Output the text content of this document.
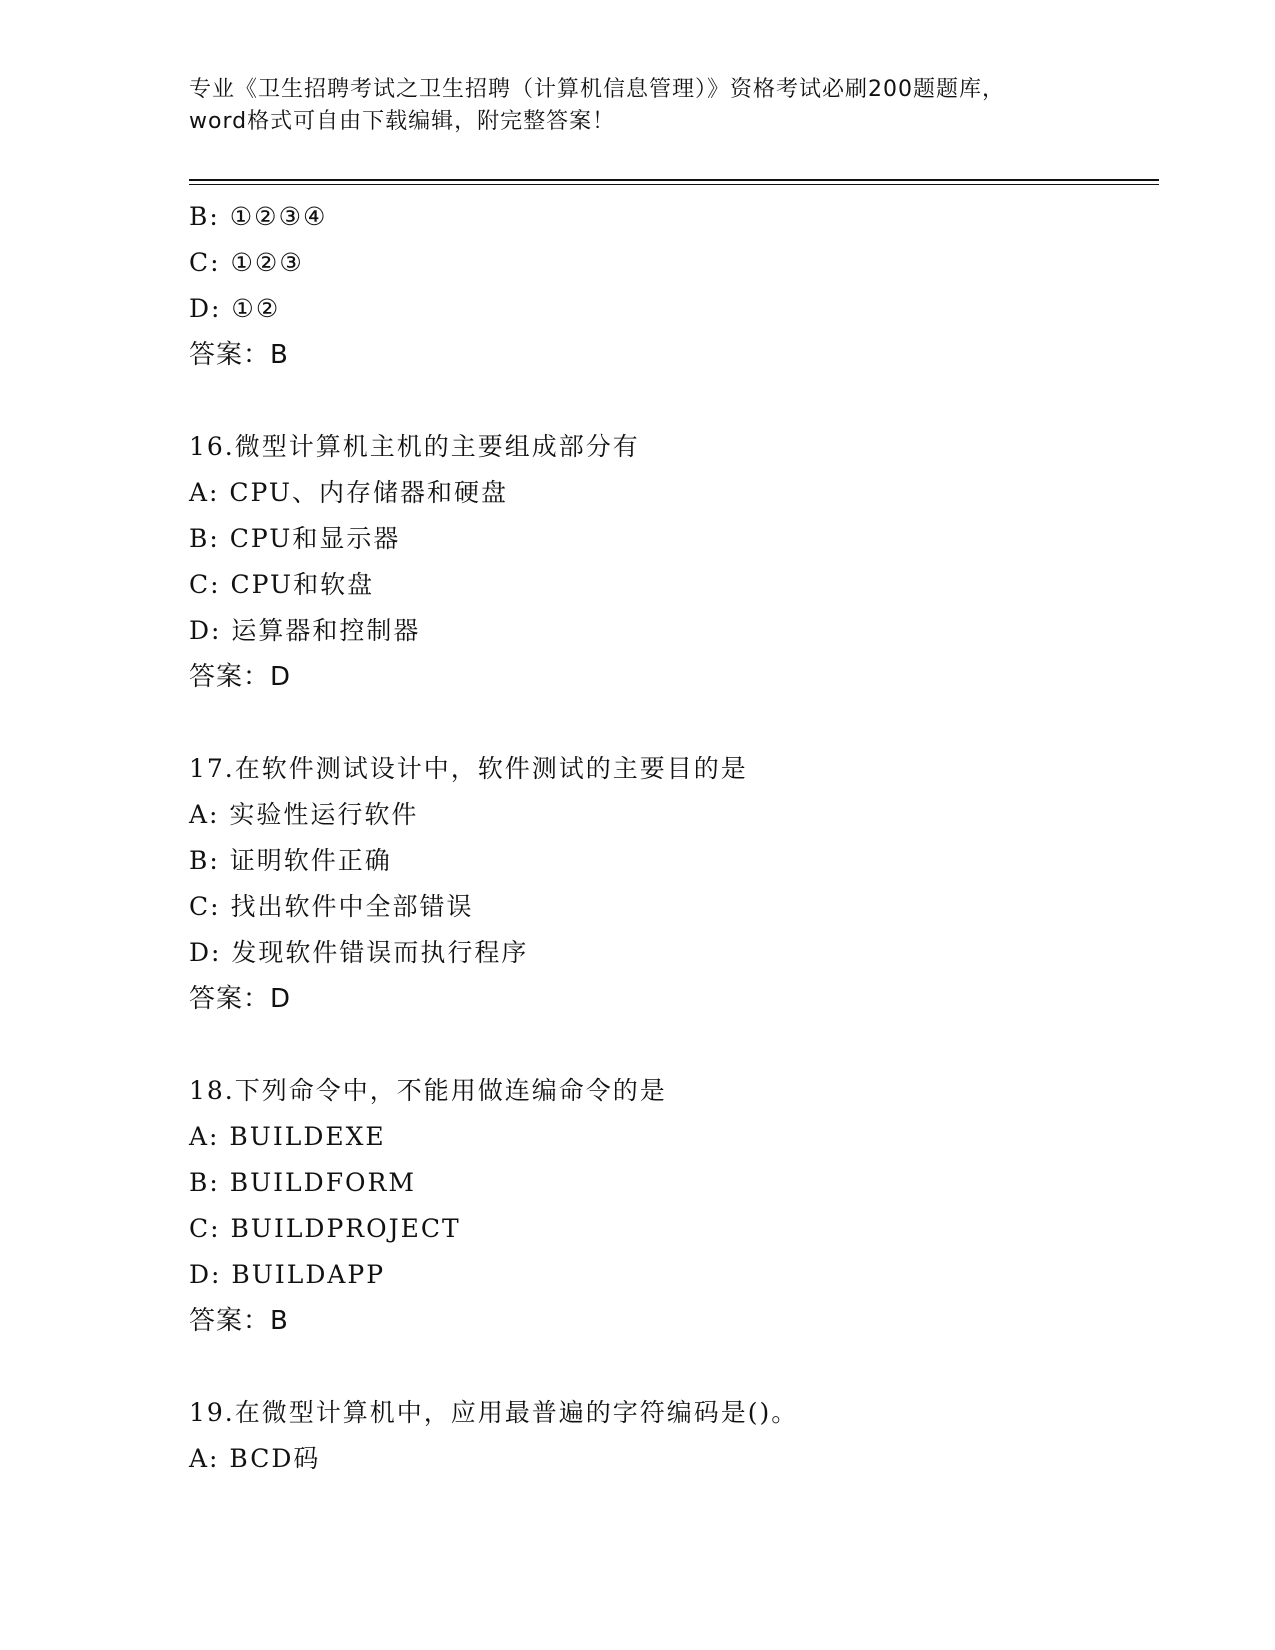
专业《卫生招聘考试之卫生招聘（计算机信息管理）》资格考试必刷200题题库，
word格式可自由下载编辑，附完整答案！
B: ①②③④
C: ①②③
D: ①②
答案：B
16.微型计算机主机的主要组成部分有
A: CPU、内存储器和硬盘
B: CPU和显示器
C: CPU和软盘
D: 运算器和控制器
答案：D
17.在软件测试设计中，软件测试的主要目的是
A: 实验性运行软件
B: 证明软件正确
C: 找出软件中全部错误
D: 发现软件错误而执行程序
答案：D
18.下列命令中，不能用做连编命令的是
A: BUILDEXE
B: BUILDFORM
C: BUILDPROJECT
D: BUILDAPP
答案：B
19.在微型计算机中，应用最普遍的字符编码是()。
A: BCD码
